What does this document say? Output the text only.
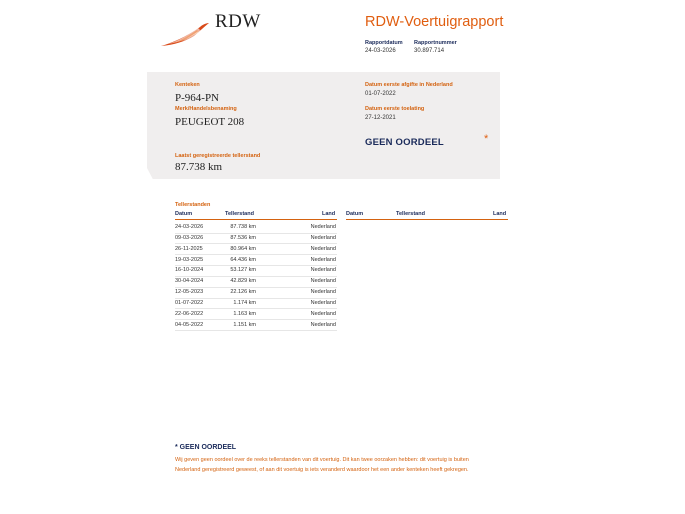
RDW	RDW-Voertuigrapport
Rapportdatum
24-03-2026
Rapportnummer
30.897.714
Kenteken
P-964-PN
Merk/Handelsbenaming
PEUGEOT 208
Laatst geregistreerde tellerstand
87.738 km
Datum eerste afgifte in Nederland
01-07-2022
Datum eerste toelating
27-12-2021
GEEN OORDEEL	*
Tellerstanden
Datum	Tellerstand	Land Datum	Tellerstand	Land
24-03-2026	87.738 km	Nederland
09-03-2026	87.536 km	Nederland
26-11-2025	80.964 km	Nederland
19-03-2025	64.436 km	Nederland
16-10-2024	53.127 km	Nederland
30-04-2024	42.829 km	Nederland
12-05-2023	22.126 km	Nederland
01-07-2022	1.174 km	Nederland
22-06-2022	1.163 km	Nederland
04-05-2022	1.151 km	Nederland
* GEEN OORDEEL
Wij geven geen oordeel over de reeks tellerstanden van dit voertuig. Dit kan twee oorzaken hebben: dit voertuig is buiten Nederland geregistreerd geweest, of aan dit voertuig is iets veranderd waardoor het een ander kenteken heeft gekregen.
